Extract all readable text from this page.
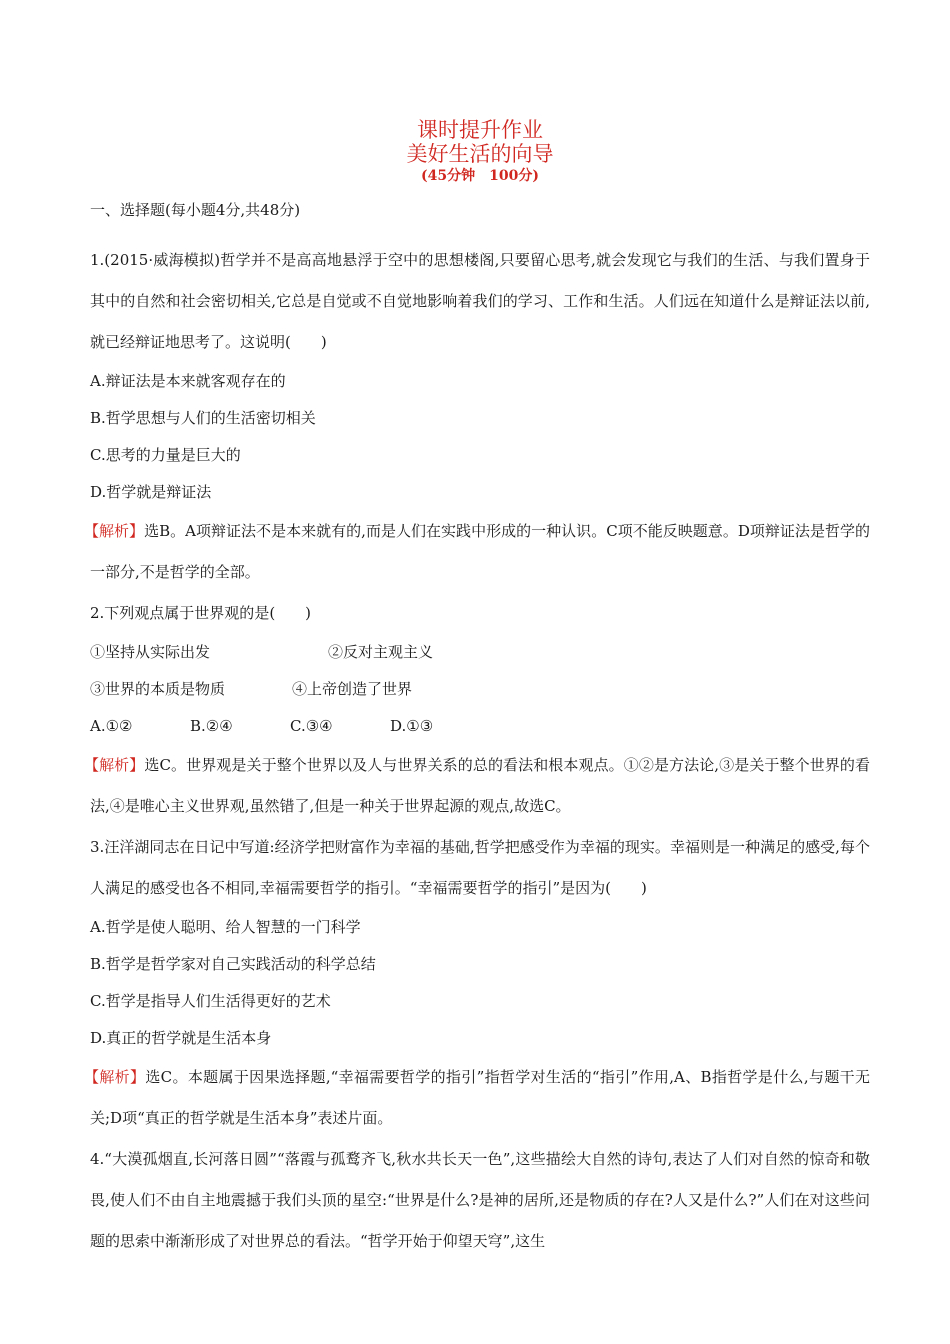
课时提升作业
美好生活的向导
(45分钟　100分)
一、选择题(每小题4分,共48分)

1.(2015·威海模拟)哲学并不是高高地悬浮于空中的思想楼阁,只要留心思考,就会发现它与我们的生活、与我们置身于其中的自然和社会密切相关,它总是自觉或不自觉地影响着我们的学习、工作和生活。人们远在知道什么是辩证法以前,就已经辩证地思考了。这说明(　　)

A.辩证法是本来就客观存在的

B.哲学思想与人们的生活密切相关

C.思考的力量是巨大的

D.哲学就是辩证法

【解析】选B。A项辩证法不是本来就有的,而是人们在实践中形成的一种认识。C项不能反映题意。D项辩证法是哲学的一部分,不是哲学的全部。

2.下列观点属于世界观的是(　　)

①坚持从实际出发	②反对主观主义

③世界的本质是物质	④上帝创造了世界

A.①②	B.②④	C.③④	D.①③

【解析】选C。世界观是关于整个世界以及人与世界关系的总的看法和根本观点。①②是方法论,③是关于整个世界的看法,④是唯心主义世界观,虽然错了,但是一种关于世界起源的观点,故选C。

3.汪洋湖同志在日记中写道:经济学把财富作为幸福的基础,哲学把感受作为幸福的现实。幸福则是一种满足的感受,每个人满足的感受也各不相同,幸福需要哲学的指引。“幸福需要哲学的指引”是因为(　　)

A.哲学是使人聪明、给人智慧的一门科学

B.哲学是哲学家对自己实践活动的科学总结

C.哲学是指导人们生活得更好的艺术

D.真正的哲学就是生活本身

【解析】选C。本题属于因果选择题,“幸福需要哲学的指引”指哲学对生活的“指引”作用,A、B指哲学是什么,与题干无关;D项“真正的哲学就是生活本身”表述片面。

4.“大漠孤烟直,长河落日圆”“落霞与孤鹜齐飞,秋水共长天一色”,这些描绘大自然的诗句,表达了人们对自然的惊奇和敬畏,使人们不由自主地震撼于我们头顶的星空:“世界是什么?是神的居所,还是物质的存在?人又是什么?”人们在对这些问题的思索中渐渐形成了对世界总的看法。“哲学开始于仰望天穹”,这生
